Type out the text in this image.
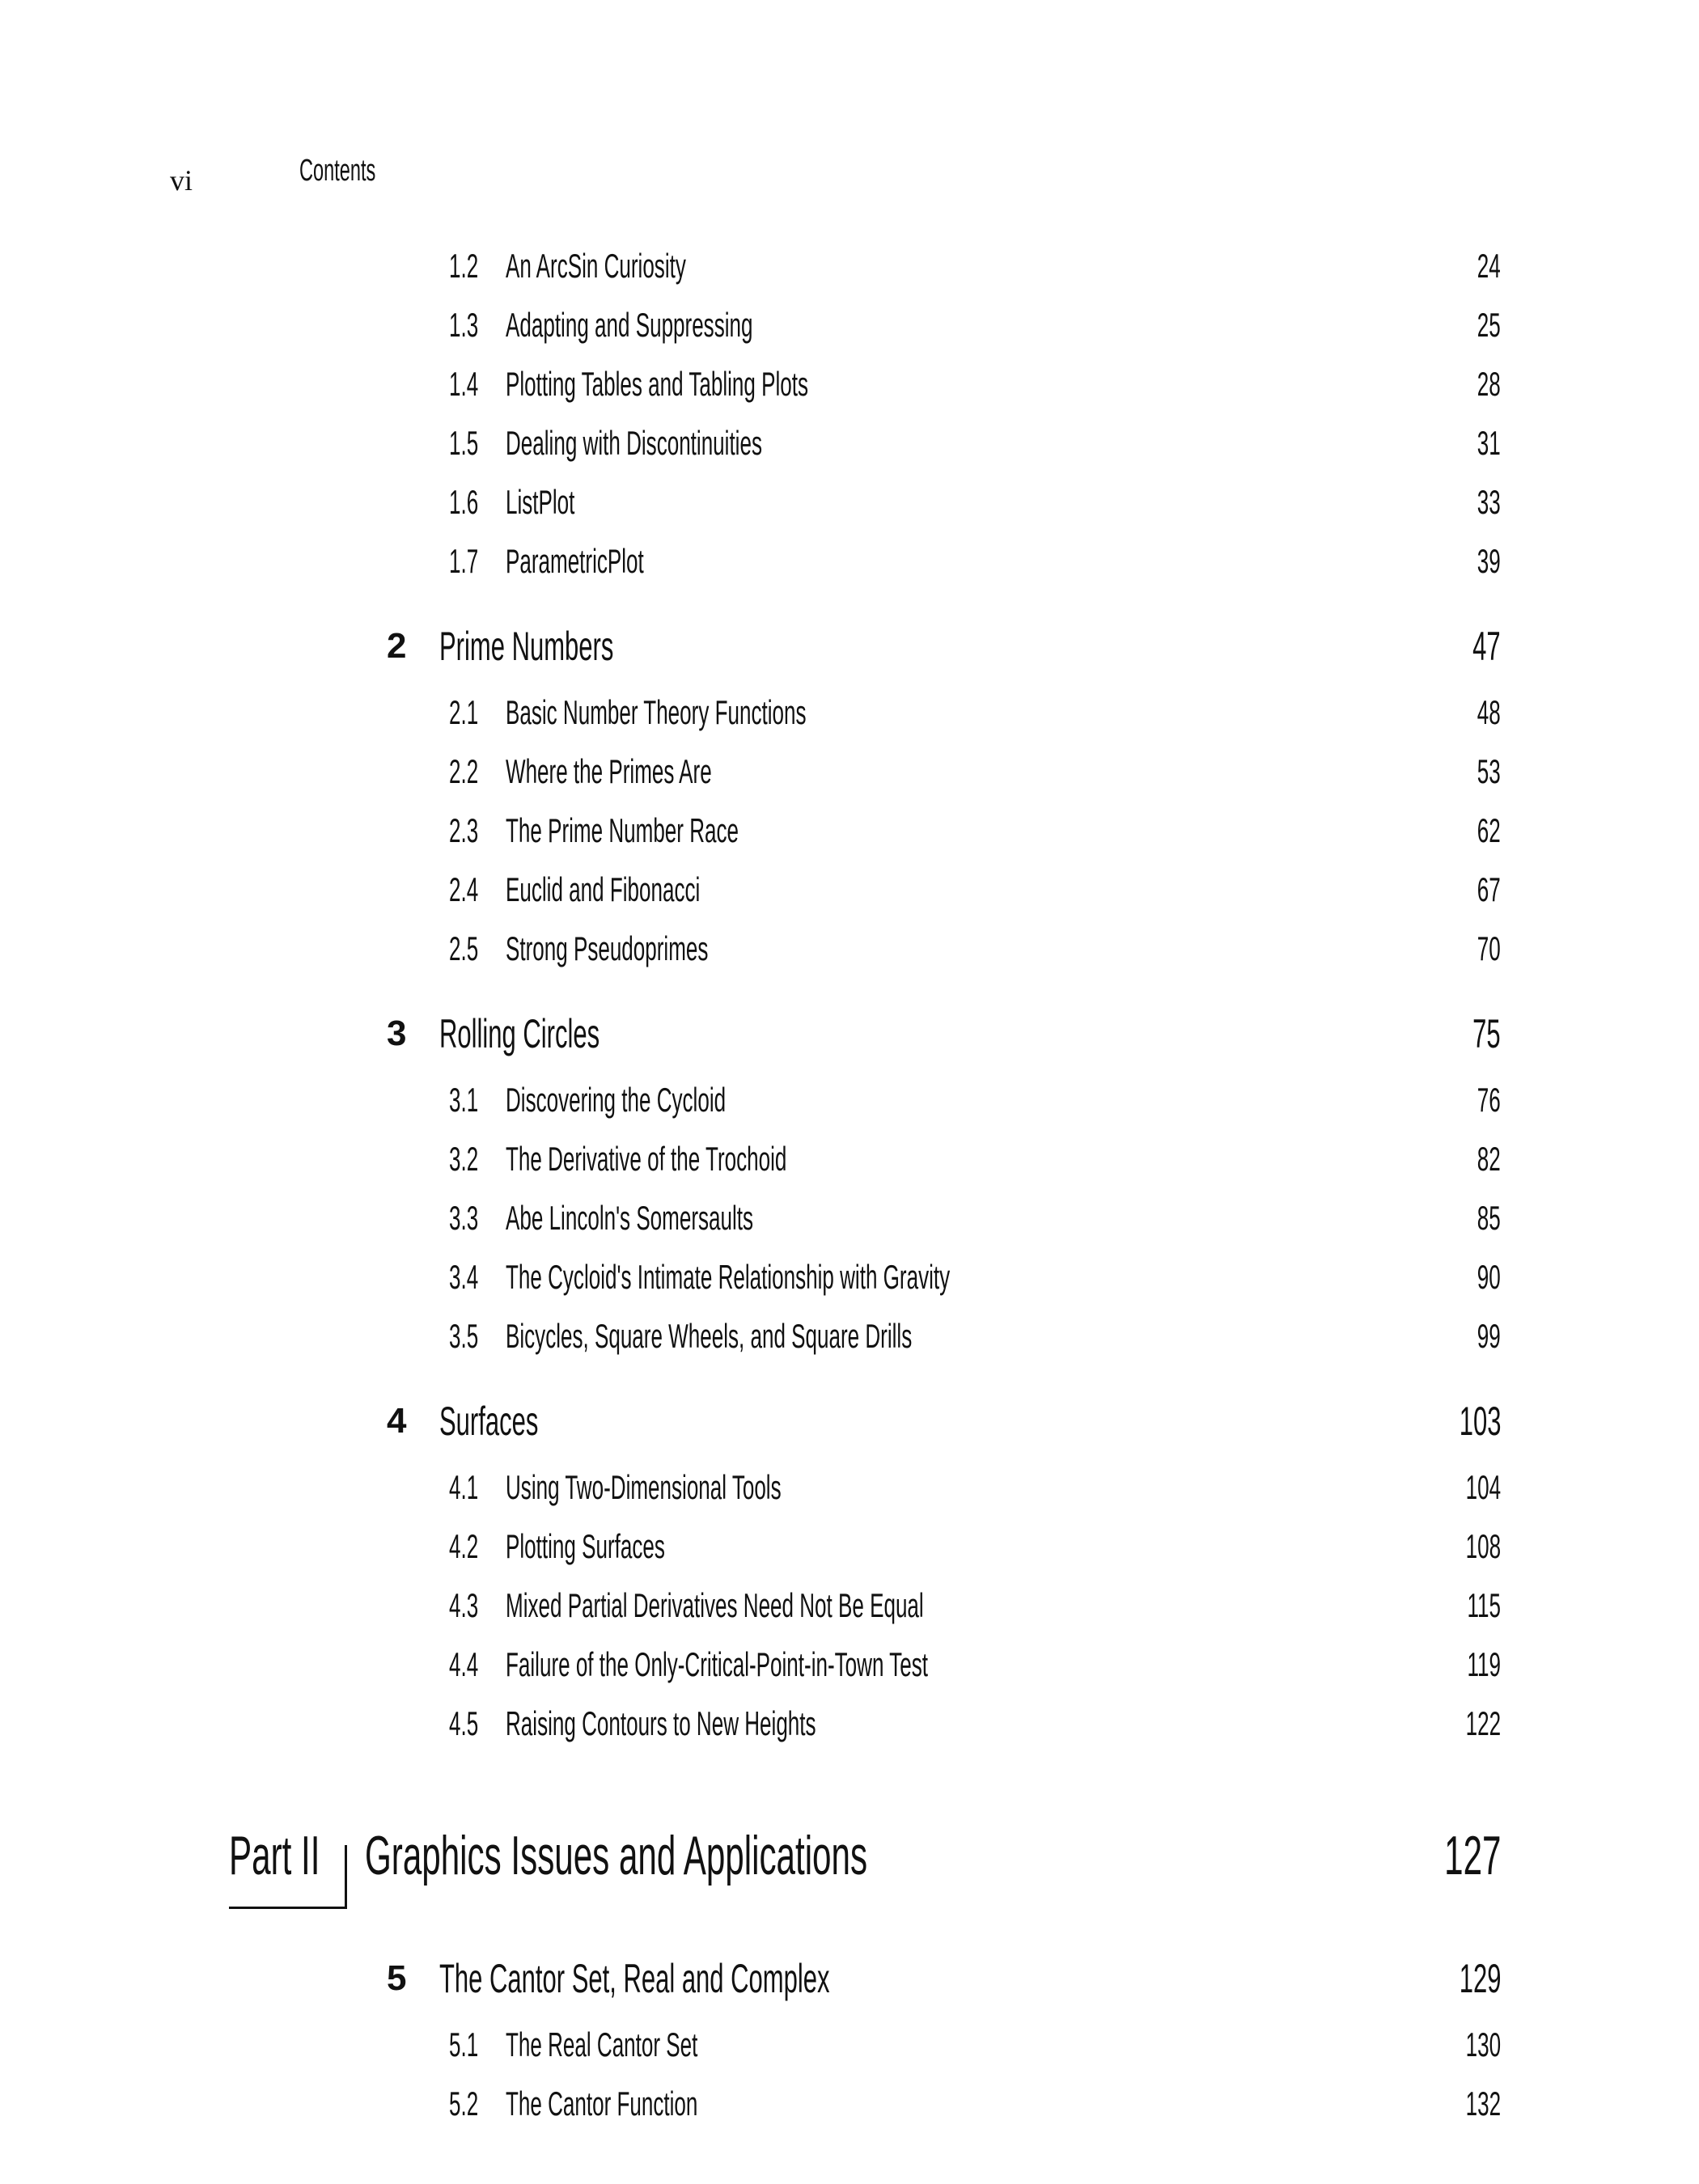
vi	Contents
1.2 An ArcSin Curiosity	24
1.3 Adapting and Suppressing	25
1.4 Plotting Tables and Tabling Plots	28
1.5 Dealing with Discontinuities	31
1.6 ListPlot	33
1.7 ParametricPlot	39
2 Prime Numbers	47
2.1 Basic Number Theory Functions	48
2.2 Where the Primes Are	53
2.3 The Prime Number Race	62
2.4 Euclid and Fibonacci	67
2.5 Strong Pseudoprimes	70
3 Rolling Circles	75
3.1 Discovering the Cycloid	76
3.2 The Derivative of the Trochoid	82
3.3 Abe Lincoln's Somersaults	85
3.4 The Cycloid's Intimate Relationship with Gravity	90
3.5 Bicycles, Square Wheels, and Square Drills	99
4 Surfaces	103
4.1 Using Two-Dimensional Tools	104
4.2 Plotting Surfaces	108
4.3 Mixed Partial Derivatives Need Not Be Equal	115
4.4 Failure of the Only-Critical-Point-in-Town Test	119
4.5 Raising Contours to New Heights	122
Part II Graphics Issues and Applications	127
5 The Cantor Set, Real and Complex	129
5.1 The Real Cantor Set	130
5.2 The Cantor Function	132
